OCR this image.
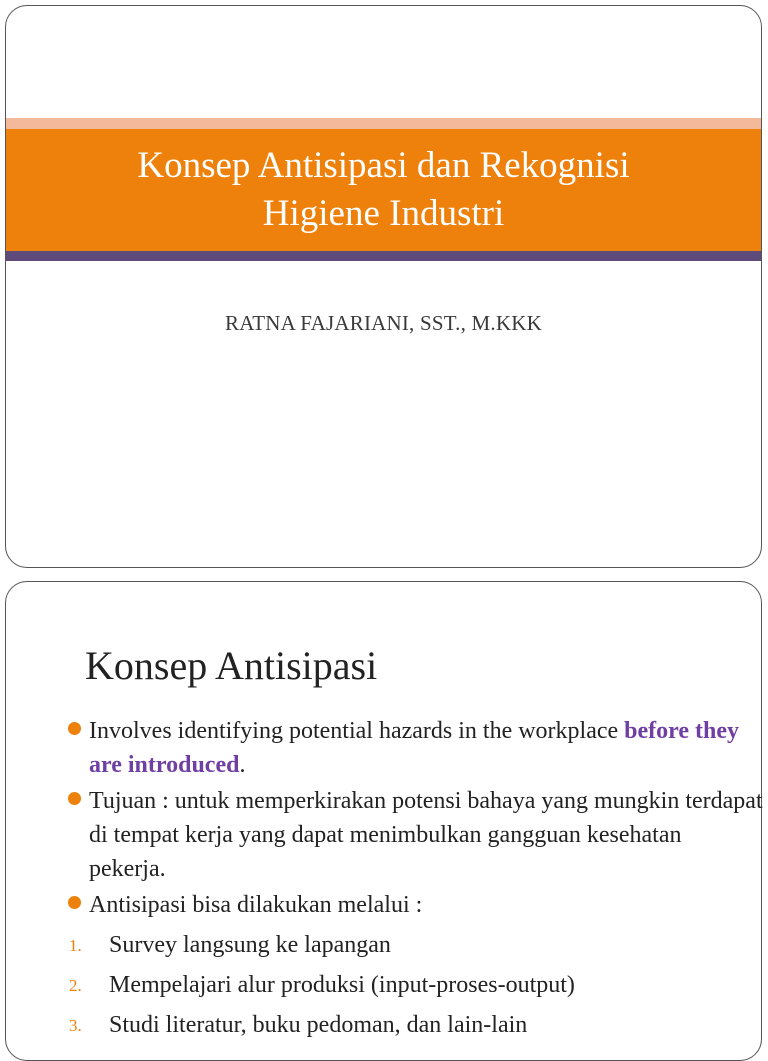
Konsep Antisipasi dan Rekognisi
Higiene Industri
RATNA FAJARIANI, SST., M.KKK
Konsep Antisipasi
Involves identifying potential hazards in the workplace before they are introduced.
Tujuan : untuk memperkirakan potensi bahaya yang mungkin terdapat di tempat kerja yang dapat menimbulkan gangguan kesehatan pekerja.
Antisipasi bisa dilakukan melalui :
1. Survey langsung ke lapangan
2. Mempelajari alur produksi (input-proses-output)
3. Studi literatur, buku pedoman, dan lain-lain
